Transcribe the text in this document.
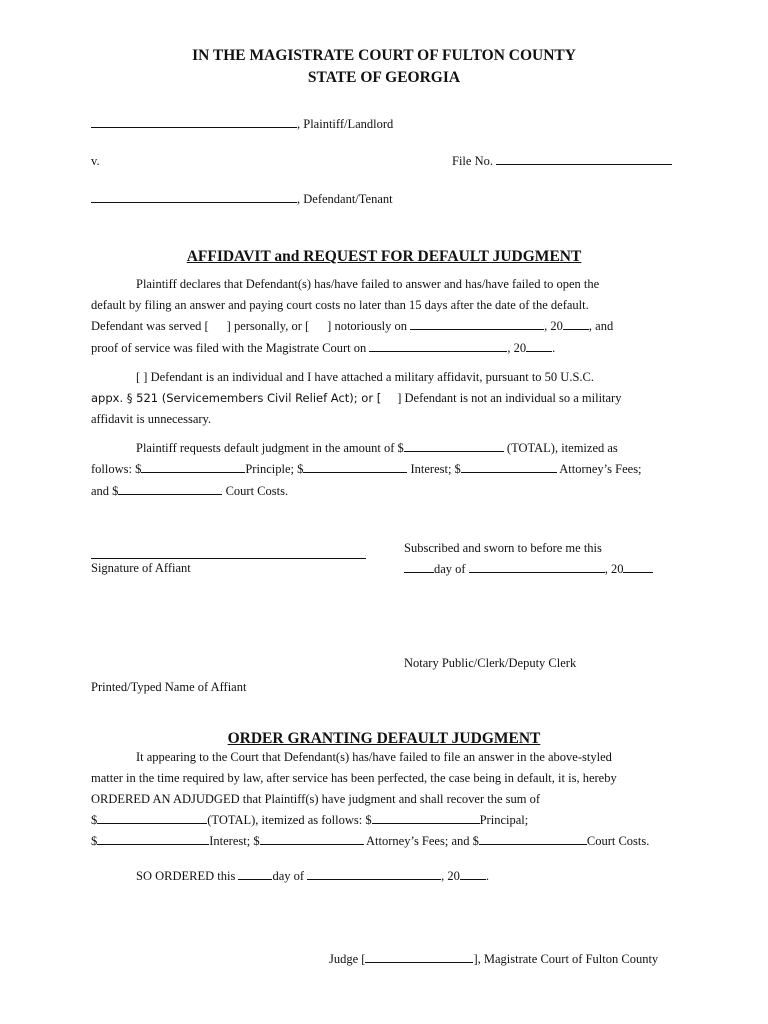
IN THE MAGISTRATE COURT OF FULTON COUNTY
STATE OF GEORGIA
, Plaintiff/Landlord
v.	File No.
, Defendant/Tenant
AFFIDAVIT and REQUEST FOR DEFAULT JUDGMENT
Plaintiff declares that Defendant(s) has/have failed to answer and has/have failed to open the
default by filing an answer and paying court costs no later than 15 days after the date of the default.
Defendant was served [ ] personally, or [ ] notoriously on	, 20 , and
proof of service was filed with the Magistrate Court on	, 20 .
[ ] Defendant is an individual and I have attached a military affidavit, pursuant to 50 U.S.C.
appx. § 521 (Servicemembers Civil Relief Act); or [ ] Defendant is not an individual so a military
affidavit is unnecessary.
Plaintiff requests default judgment in the amount of $	(TOTAL), itemized as
follows: $	Principle; $	Interest; $	Attorney’s Fees;
and $	Court Costs.
Signature of Affiant
Subscribed and sworn to before me this
day of	, 20
Notary Public/Clerk/Deputy Clerk
Printed/Typed Name of Affiant
ORDER GRANTING DEFAULT JUDGMENT
It appearing to the Court that Defendant(s) has/have failed to file an answer in the above-styled
matter in the time required by law, after service has been perfected, the case being in default, it is, hereby
ORDERED AN ADJUDGED that Plaintiff(s) have judgment and shall recover the sum of
$	(TOTAL), itemized as follows: $	Principal;
$	Interest; $	Attorney’s Fees; and $	Court Costs.
SO ORDERED this	day of	, 20 .
Judge [	], Magistrate Court of Fulton County
